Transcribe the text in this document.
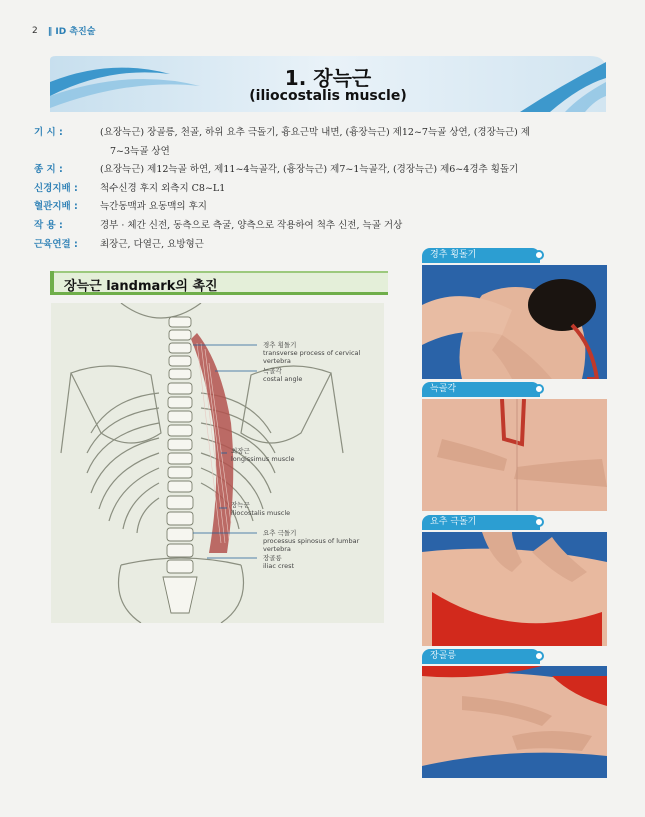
2 ‖ ID 촉진술
1. 장늑근
(iliocostalis muscle)
기 시 :	(요장늑근) 장골릉, 천골, 하위 요추 극돌기, 흉요근막 내면, (흉장늑근) 제12~7늑골 상연, (경장늑근) 제
7~3늑골 상연
종 지 :	(요장늑근) 제12늑골 하연, 제11~4늑골각, (흉장늑근) 제7~1늑골각, (경장늑근) 제6~4경추 횡돌기
신경지배 :	척수신경 후지 외측지 C8~L1
혈관지배 :	늑간동맥과 요동맥의 후지
작 용 :	경부 · 체간 신전, 동측으로 측굴, 양측으로 작용하여 척추 신전, 늑골 거상
근육연결 :	최장근, 다열근, 요방형근
장늑근 landmark의 촉진
경추 횡돌기
transverse process of cervical vertebra
늑골각
costal angle
최장근
longissimus muscle
장늑근
iliocostalis muscle
요추 극돌기
processus spinosus of lumbar vertebra
장골릉
iliac crest
경추 횡돌기
늑골각
요추 극돌기
장골릉
